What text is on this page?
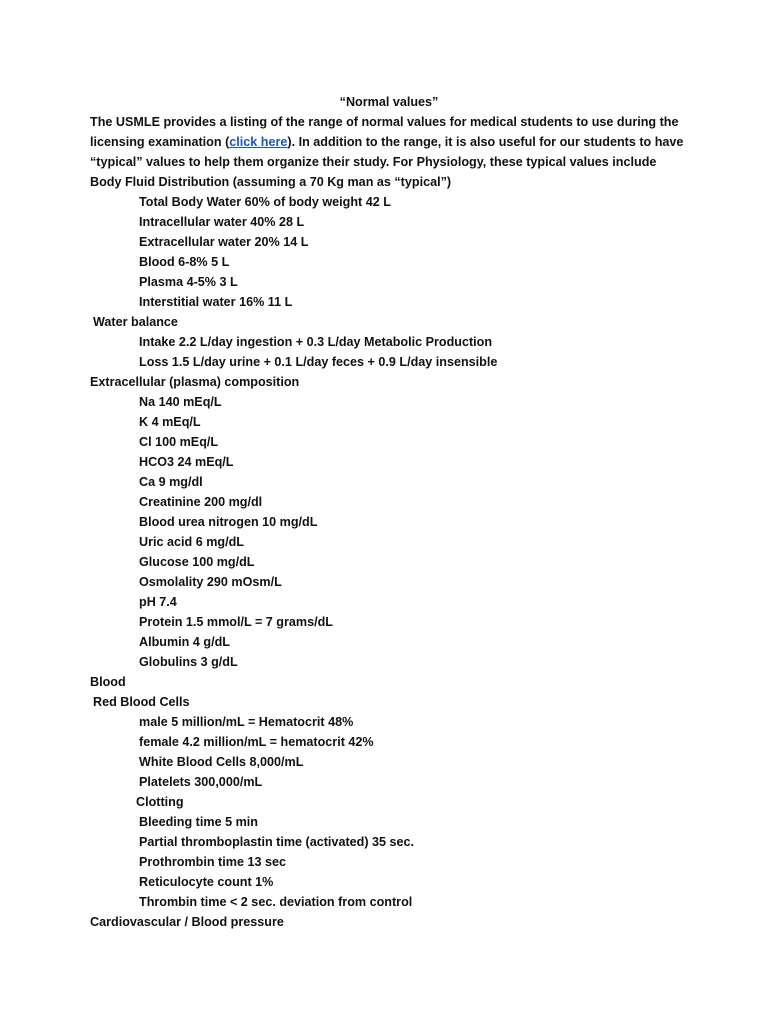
“Normal values”
The USMLE provides a listing of the range of normal values for medical students to use during the
licensing examination (click here). In addition to the range, it is also useful for our students to have
“typical” values to help them organize their study. For Physiology, these typical values include
Body Fluid Distribution (assuming a 70 Kg man as “typical”)
Total Body Water 60% of body weight 42 L
Intracellular water 40% 28 L
Extracellular water 20% 14 L
Blood 6-8% 5 L
Plasma 4-5% 3 L
Interstitial water 16% 11 L
Water balance
Intake 2.2 L/day ingestion + 0.3 L/day Metabolic Production
Loss 1.5 L/day urine + 0.1 L/day feces + 0.9 L/day insensible
Extracellular (plasma) composition
Na 140 mEq/L
K 4 mEq/L
Cl 100 mEq/L
HCO3 24 mEq/L
Ca 9 mg/dl
Creatinine 200 mg/dl
Blood urea nitrogen 10 mg/dL
Uric acid 6 mg/dL
Glucose 100 mg/dL
Osmolality 290 mOsm/L
pH 7.4
Protein 1.5 mmol/L = 7 grams/dL
Albumin 4 g/dL
Globulins 3 g/dL
Blood
Red Blood Cells
male 5 million/mL = Hematocrit 48%
female 4.2 million/mL = hematocrit 42%
White Blood Cells 8,000/mL
Platelets 300,000/mL
Clotting
Bleeding time 5 min
Partial thromboplastin time (activated) 35 sec.
Prothrombin time 13 sec
Reticulocyte count 1%
Thrombin time < 2 sec. deviation from control
Cardiovascular / Blood pressure
